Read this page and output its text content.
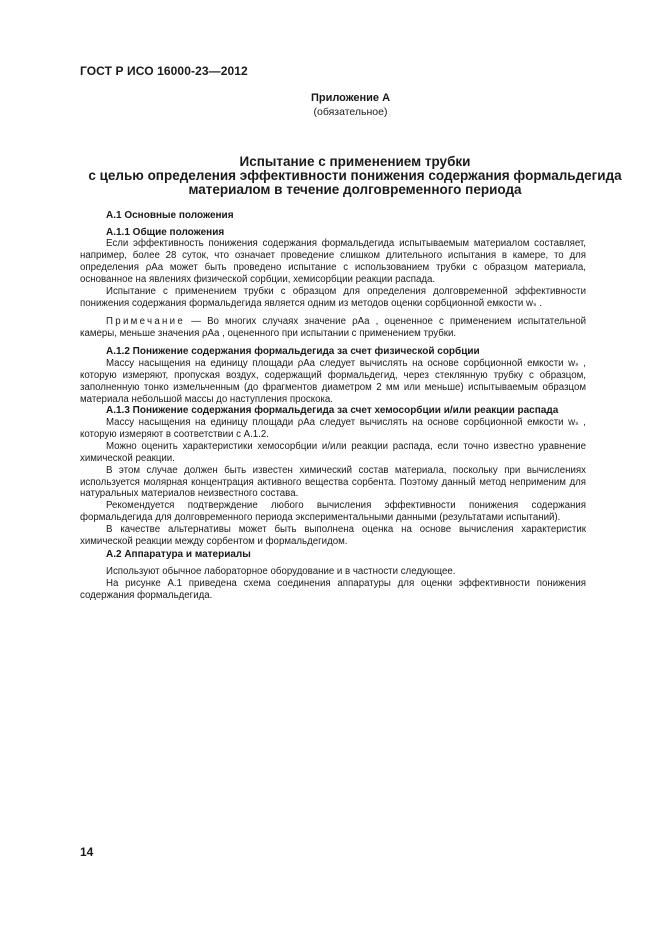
ГОСТ Р ИСО 16000-23—2012
Приложение А
(обязательное)
Испытание с применением трубки
с целью определения эффективности понижения содержания формальдегида
материалом в течение долговременного периода
А.1 Основные положения
А.1.1 Общие положения

Если эффективность понижения содержания формальдегида испытываемым материалом составляет, например, более 28 суток, что означает проведение слишком длительного испытания в камере, то для определения ρAa может быть проведено испытание с использованием трубки с образцом материала, основанное на явлениях физической сорбции, хемисорбции реакции распада.

Испытание с применением трубки с образцом для определения долговременной эффективности понижения содержания формальдегида является одним из методов оценки сорбционной емкости wₛ .

Примечание — Во многих случаях значение ρAa , оцененное с применением испытательной камеры, меньше значения ρAa , оцененного при испытании с применением трубки.

А.1.2 Понижение содержания формальдегида за счет физической сорбции

Массу насыщения на единицу площади ρAa следует вычислять на основе сорбционной емкости wₛ , которую измеряют, пропуская воздух, содержащий формальдегид, через стеклянную трубку с образцом, заполненную тонко измельченным (до фрагментов диаметром 2 мм или меньше) испытываемым образцом материала небольшой массы до наступления проскока.

А.1.3 Понижение содержания формальдегида за счет хемосорбции и/или реакции распада

Массу насыщения на единицу площади ρAa следует вычислять на основе сорбционной емкости wₛ , которую измеряют в соответствии с А.1.2.

Можно оценить характеристики хемосорбции и/или реакции распада, если точно известно уравнение химической реакции.

В этом случае должен быть известен химический состав материала, поскольку при вычислениях используется молярная концентрация активного вещества сорбента. Поэтому данный метод неприменим для натуральных материалов неизвестного состава.

Рекомендуется подтверждение любого вычисления эффективности понижения содержания формальдегида для долговременного периода экспериментальными данными (результатами испытаний).

В качестве альтернативы может быть выполнена оценка на основе вычисления характеристик химической реакции между сорбентом и формальдегидом.

А.2 Аппаратура и материалы

Используют обычное лабораторное оборудование и в частности следующее.

На рисунке А.1 приведена схема соединения аппаратуры для оценки эффективности понижения содержания формальдегида.

14
